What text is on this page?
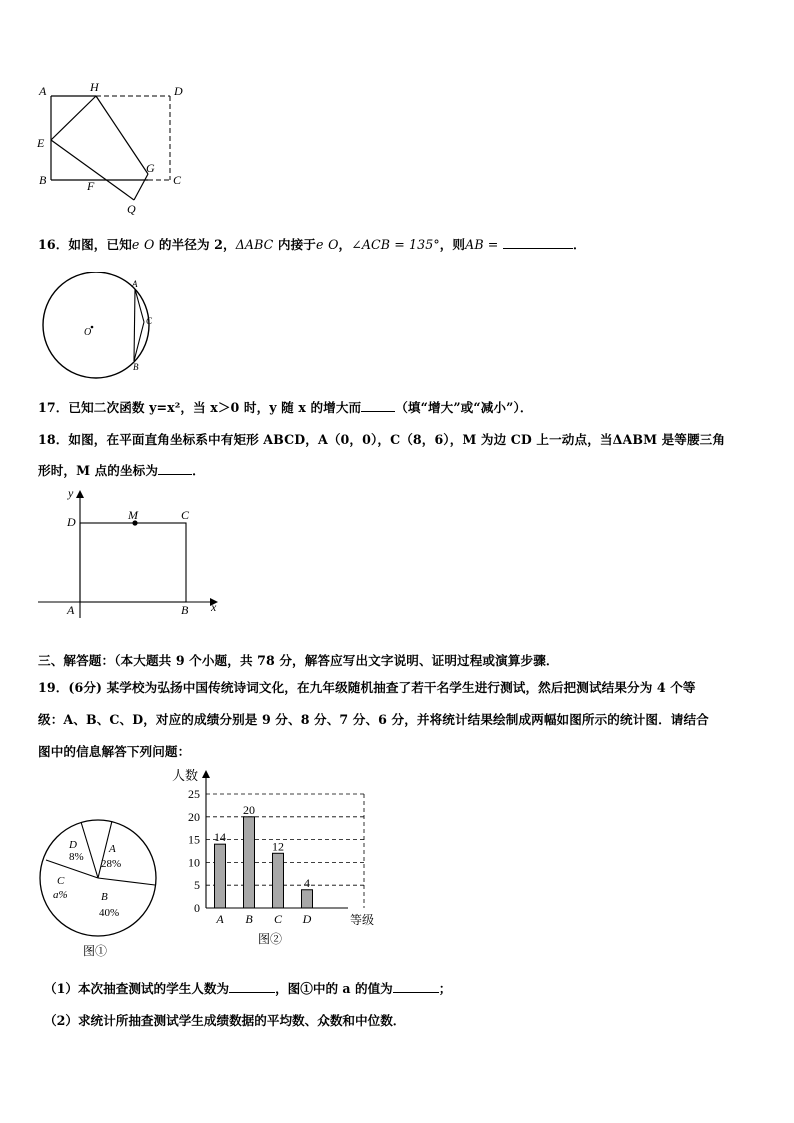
A	H	D
E
B	F
G
C
Q
16．如图，已知e O 的半径为 2，ΔABC 内接于e O，∠ACB = 135°，则AB =	．
A
C
B
O
17．已知二次函数 y=x²，当 x＞0 时，y 随 x 的增大而	（填“增大”或“减小”）．
18．如图，在平面直角坐标系中有矩形 ABCD，A（0，0），C（8，6），M 为边 CD 上一动点，当ΔABM 是等腰三角
形时，M 点的坐标为	．
y
x
D	M	C
A	B
三、解答题：（本大题共 9 个小题，共 78 分，解答应写出文字说明、证明过程或演算步骤．
19．(6分) 某学校为弘扬中国传统诗词文化，在九年级随机抽查了若干名学生进行测试，然后把测试结果分为 4 个等
级：A、B、C、D，对应的成绩分别是 9 分、8 分、7 分、6 分，并将统计结果绘制成两幅如图所示的统计图．请结合
图中的信息解答下列问题：
D
8%
A
28%
C
a%	B
40%
图①
0
5
10
15
20
25
人数
等级
14
A
20
B
12
C
4
D
图②
（1）本次抽查测试的学生人数为	，图①中的 a 的值为	；
（2）求统计所抽查测试学生成绩数据的平均数、众数和中位数．
